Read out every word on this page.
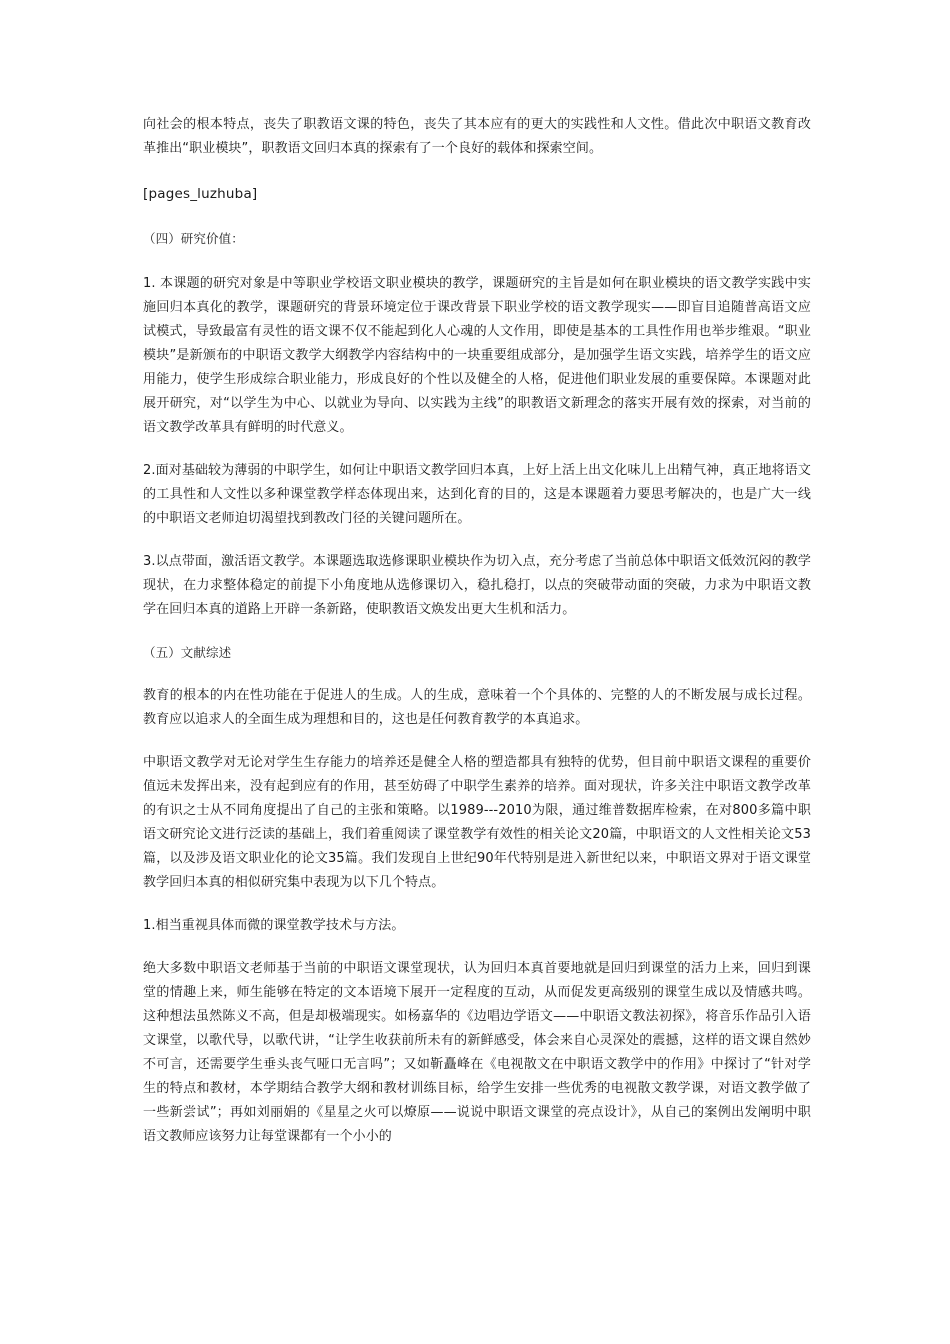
向社会的根本特点，丧失了职教语文课的特色，丧失了其本应有的更大的实践性和人文性。借此次中职语文教育改革推出“职业模块”，职教语文回归本真的探索有了一个良好的载体和探索空间。

[pages_luzhuba]

（四）研究价值：

1. 本课题的研究对象是中等职业学校语文职业模块的教学，课题研究的主旨是如何在职业模块的语文教学实践中实施回归本真化的教学，课题研究的背景环境定位于课改背景下职业学校的语文教学现实——即盲目追随普高语文应试模式，导致最富有灵性的语文课不仅不能起到化人心魂的人文作用，即使是基本的工具性作用也举步维艰。“职业模块”是新颁布的中职语文教学大纲教学内容结构中的一块重要组成部分，是加强学生语文实践，培养学生的语文应用能力，使学生形成综合职业能力，形成良好的个性以及健全的人格，促进他们职业发展的重要保障。本课题对此展开研究，对“以学生为中心、以就业为导向、以实践为主线”的职教语文新理念的落实开展有效的探索，对当前的语文教学改革具有鲜明的时代意义。

2.面对基础较为薄弱的中职学生，如何让中职语文教学回归本真，上好上活上出文化味儿上出精气神，真正地将语文的工具性和人文性以多种课堂教学样态体现出来，达到化育的目的，这是本课题着力要思考解决的，也是广大一线的中职语文老师迫切渴望找到教改门径的关键问题所在。

3.以点带面，激活语文教学。本课题选取选修课职业模块作为切入点，充分考虑了当前总体中职语文低效沉闷的教学现状，在力求整体稳定的前提下小角度地从选修课切入，稳扎稳打，以点的突破带动面的突破，力求为中职语文教学在回归本真的道路上开辟一条新路，使职教语文焕发出更大生机和活力。

（五）文献综述

教育的根本的内在性功能在于促进人的生成。人的生成，意味着一个个具体的、完整的人的不断发展与成长过程。教育应以追求人的全面生成为理想和目的，这也是任何教育教学的本真追求。

中职语文教学对无论对学生生存能力的培养还是健全人格的塑造都具有独特的优势，但目前中职语文课程的重要价值远未发挥出来，没有起到应有的作用，甚至妨碍了中职学生素养的培养。面对现状，许多关注中职语文教学改革的有识之士从不同角度提出了自己的主张和策略。以1989---2010为限，通过维普数据库检索，在对800多篇中职语文研究论文进行泛读的基础上，我们着重阅读了课堂教学有效性的相关论文20篇，中职语文的人文性相关论文53篇，以及涉及语文职业化的论文35篇。我们发现自上世纪90年代特别是进入新世纪以来，中职语文界对于语文课堂教学回归本真的相似研究集中表现为以下几个特点。

1.相当重视具体而微的课堂教学技术与方法。

绝大多数中职语文老师基于当前的中职语文课堂现状，认为回归本真首要地就是回归到课堂的活力上来，回归到课堂的情趣上来，师生能够在特定的文本语境下展开一定程度的互动，从而促发更高级别的课堂生成以及情感共鸣。这种想法虽然陈义不高，但是却极端现实。如杨嘉华的《边唱边学语文——中职语文教法初探》，将音乐作品引入语文课堂，以歌代导，以歌代讲，“让学生收获前所未有的新鲜感受，体会来自心灵深处的震撼，这样的语文课自然妙不可言，还需要学生垂头丧气哑口无言吗”；又如靳矗峰在《电视散文在中职语文教学中的作用》中探讨了“针对学生的特点和教材，本学期结合教学大纲和教材训练目标，给学生安排一些优秀的电视散文教学课，对语文教学做了一些新尝试”；再如刘丽娟的《星星之火可以燎原——说说中职语文课堂的亮点设计》，从自己的案例出发阐明中职语文教师应该努力让每堂课都有一个小小的
